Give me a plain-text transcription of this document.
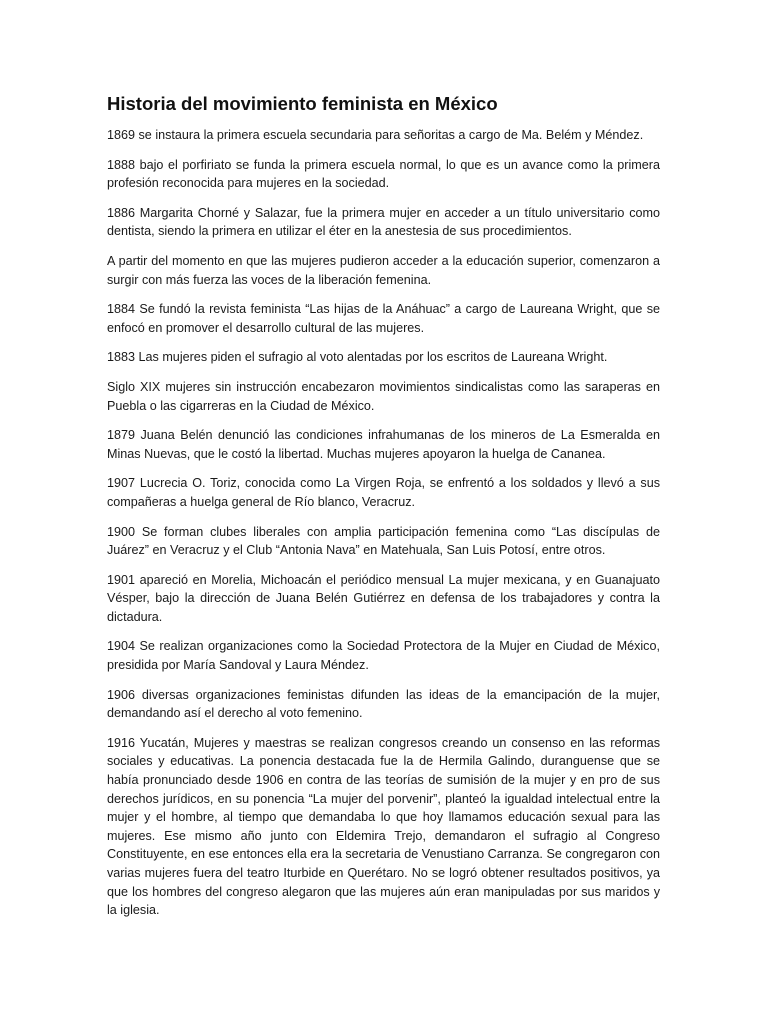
Historia del movimiento feminista en México

1869 se instaura la primera escuela secundaria para señoritas a cargo de Ma. Belém y Méndez.

1888 bajo el porfiriato se funda la primera escuela normal, lo que es un avance como la primera profesión reconocida para mujeres en la sociedad.

1886 Margarita Chorné y Salazar, fue la primera mujer en acceder a un título universitario como dentista, siendo la primera en utilizar el éter en la anestesia de sus procedimientos.

A partir del momento en que las mujeres pudieron acceder a la educación superior, comenzaron a surgir con más fuerza las voces de la liberación femenina.

1884 Se fundó la revista feminista “Las hijas de la Anáhuac” a cargo de Laureana Wright, que se enfocó en promover el desarrollo cultural de las mujeres.

1883 Las mujeres piden el sufragio al voto alentadas por los escritos de Laureana Wright.

Siglo XIX mujeres sin instrucción encabezaron movimientos sindicalistas como las saraperas en Puebla o las cigarreras en la Ciudad de México.

1879 Juana Belén denunció las condiciones infrahumanas de los mineros de La Esmeralda en Minas Nuevas, que le costó la libertad. Muchas mujeres apoyaron la huelga de Cananea.

1907 Lucrecia O. Toriz, conocida como La Virgen Roja, se enfrentó a los soldados y llevó a sus compañeras a huelga general de Río blanco, Veracruz.

1900 Se forman clubes liberales con amplia participación femenina como “Las discípulas de Juárez” en Veracruz y el Club “Antonia Nava” en Matehuala, San Luis Potosí, entre otros.

1901 apareció en Morelia, Michoacán el periódico mensual La mujer mexicana, y en Guanajuato Vésper, bajo la dirección de Juana Belén Gutiérrez en defensa de los trabajadores y contra la dictadura.

1904 Se realizan organizaciones como la Sociedad Protectora de la Mujer en Ciudad de México, presidida por María Sandoval y Laura Méndez.

1906 diversas organizaciones feministas difunden las ideas de la emancipación de la mujer, demandando así el derecho al voto femenino.

1916 Yucatán, Mujeres y maestras se realizan congresos creando un consenso en las reformas sociales y educativas. La ponencia destacada fue la de Hermila Galindo, duranguense que se había pronunciado desde 1906 en contra de las teorías de sumisión de la mujer y en pro de sus derechos jurídicos, en su ponencia “La mujer del porvenir”, planteó la igualdad intelectual entre la mujer y el hombre, al tiempo que demandaba lo que hoy llamamos educación sexual para las mujeres. Ese mismo año junto con Eldemira Trejo, demandaron el sufragio al Congreso Constituyente, en ese entonces ella era la secretaria de Venustiano Carranza. Se congregaron con varias mujeres fuera del teatro Iturbide en Querétaro. No se logró obtener resultados positivos, ya que los hombres del congreso alegaron que las mujeres aún eran manipuladas por sus maridos y la iglesia.
